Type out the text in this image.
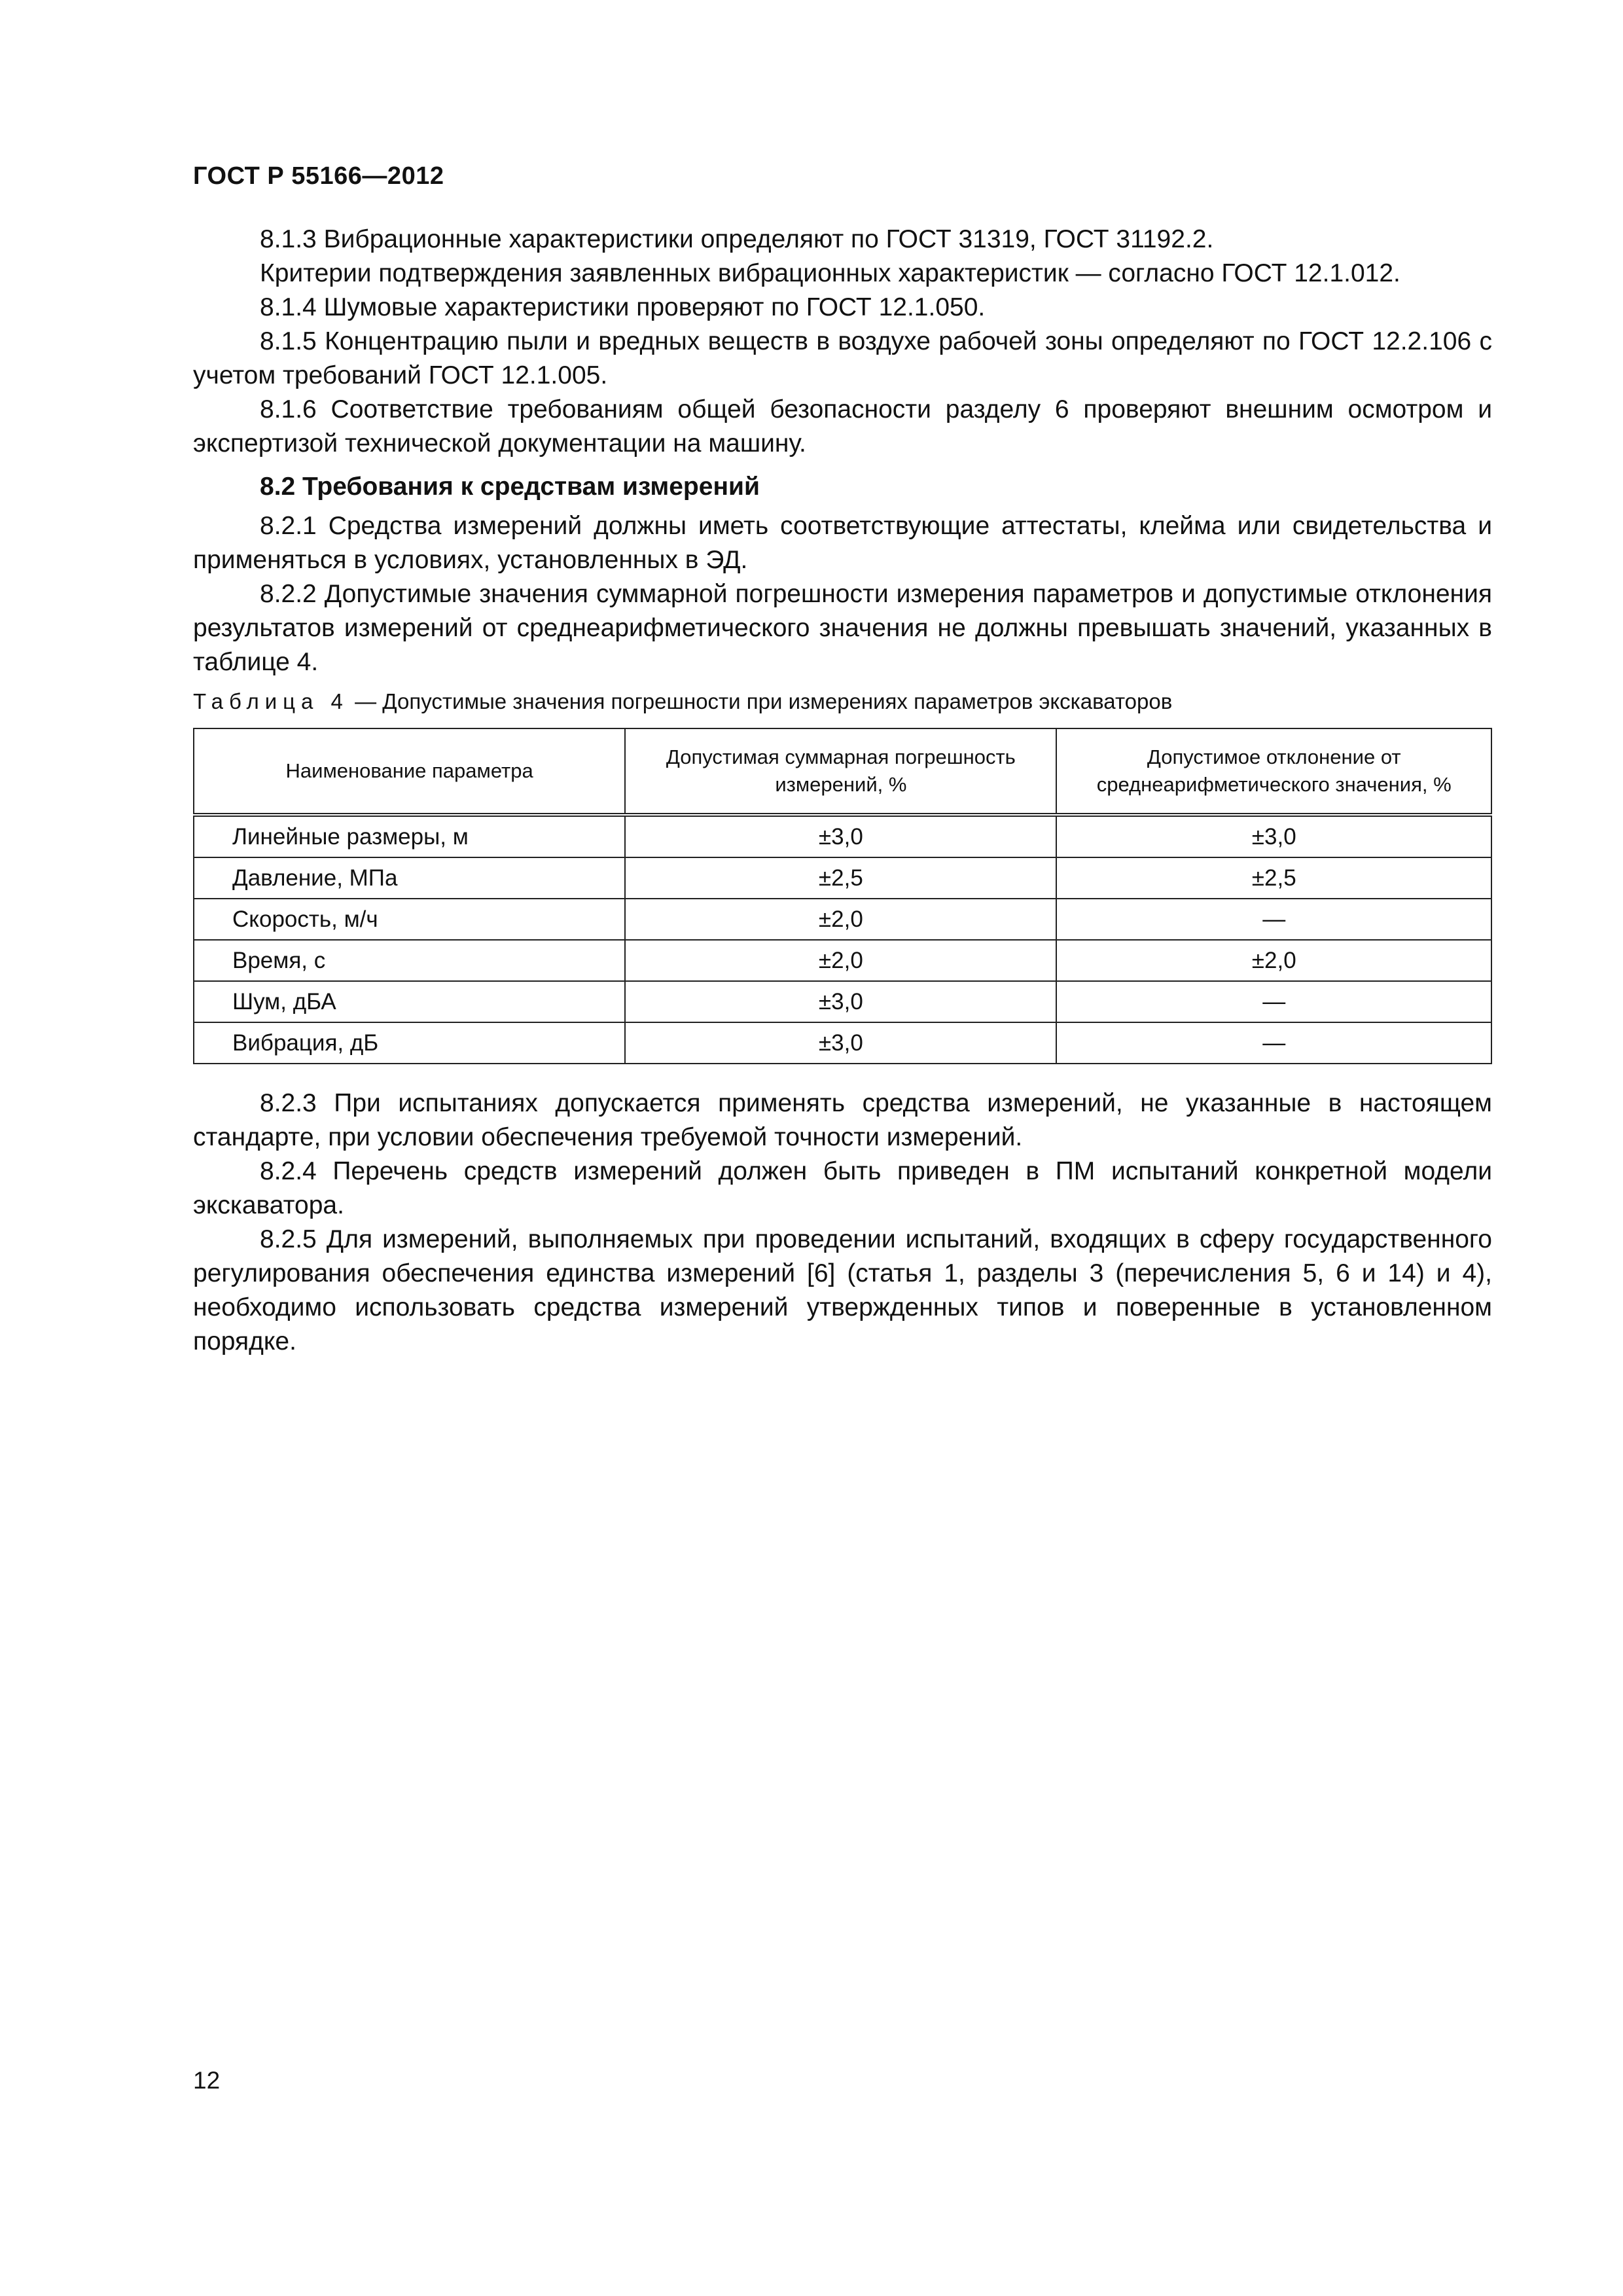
ГОСТ Р 55166—2012

8.1.3 Вибрационные характеристики определяют по ГОСТ 31319, ГОСТ 31192.2.

Критерии подтверждения заявленных вибрационных характеристик — согласно ГОСТ 12.1.012.

8.1.4 Шумовые характеристики проверяют по ГОСТ 12.1.050.

8.1.5 Концентрацию пыли и вредных веществ в воздухе рабочей зоны определяют по ГОСТ 12.2.106 с учетом требований ГОСТ 12.1.005.

8.1.6 Соответствие требованиям общей безопасности разделу 6 проверяют внешним осмотром и экспертизой технической документации на машину.

8.2 Требования к средствам измерений

8.2.1 Средства измерений должны иметь соответствующие аттестаты, клейма или свидетельства и применяться в условиях, установленных в ЭД.

8.2.2 Допустимые значения суммарной погрешности измерения параметров и допустимые отклонения результатов измерений от среднеарифметического значения не должны превышать значений, указанных в таблице 4.

Таблица 4 — Допустимые значения погрешности при измерениях параметров экскаваторов
Наименование параметра	Допустимая суммарная погрешность измерений, %	Допустимое отклонение от среднеарифметического значения, %
Линейные размеры, м	±3,0	±3,0
Давление, МПа	±2,5	±2,5
Скорость, м/ч	±2,0	—
Время, с	±2,0	±2,0
Шум, дБА	±3,0	—
Вибрация, дБ	±3,0	—

8.2.3 При испытаниях допускается применять средства измерений, не указанные в настоящем стандарте, при условии обеспечения требуемой точности измерений.

8.2.4 Перечень средств измерений должен быть приведен в ПМ испытаний конкретной модели экскаватора.

8.2.5 Для измерений, выполняемых при проведении испытаний, входящих в сферу государственного регулирования обеспечения единства измерений [6] (статья 1, разделы 3 (перечисления 5, 6 и 14) и 4), необходимо использовать средства измерений утвержденных типов и поверенные в установленном порядке.

12
